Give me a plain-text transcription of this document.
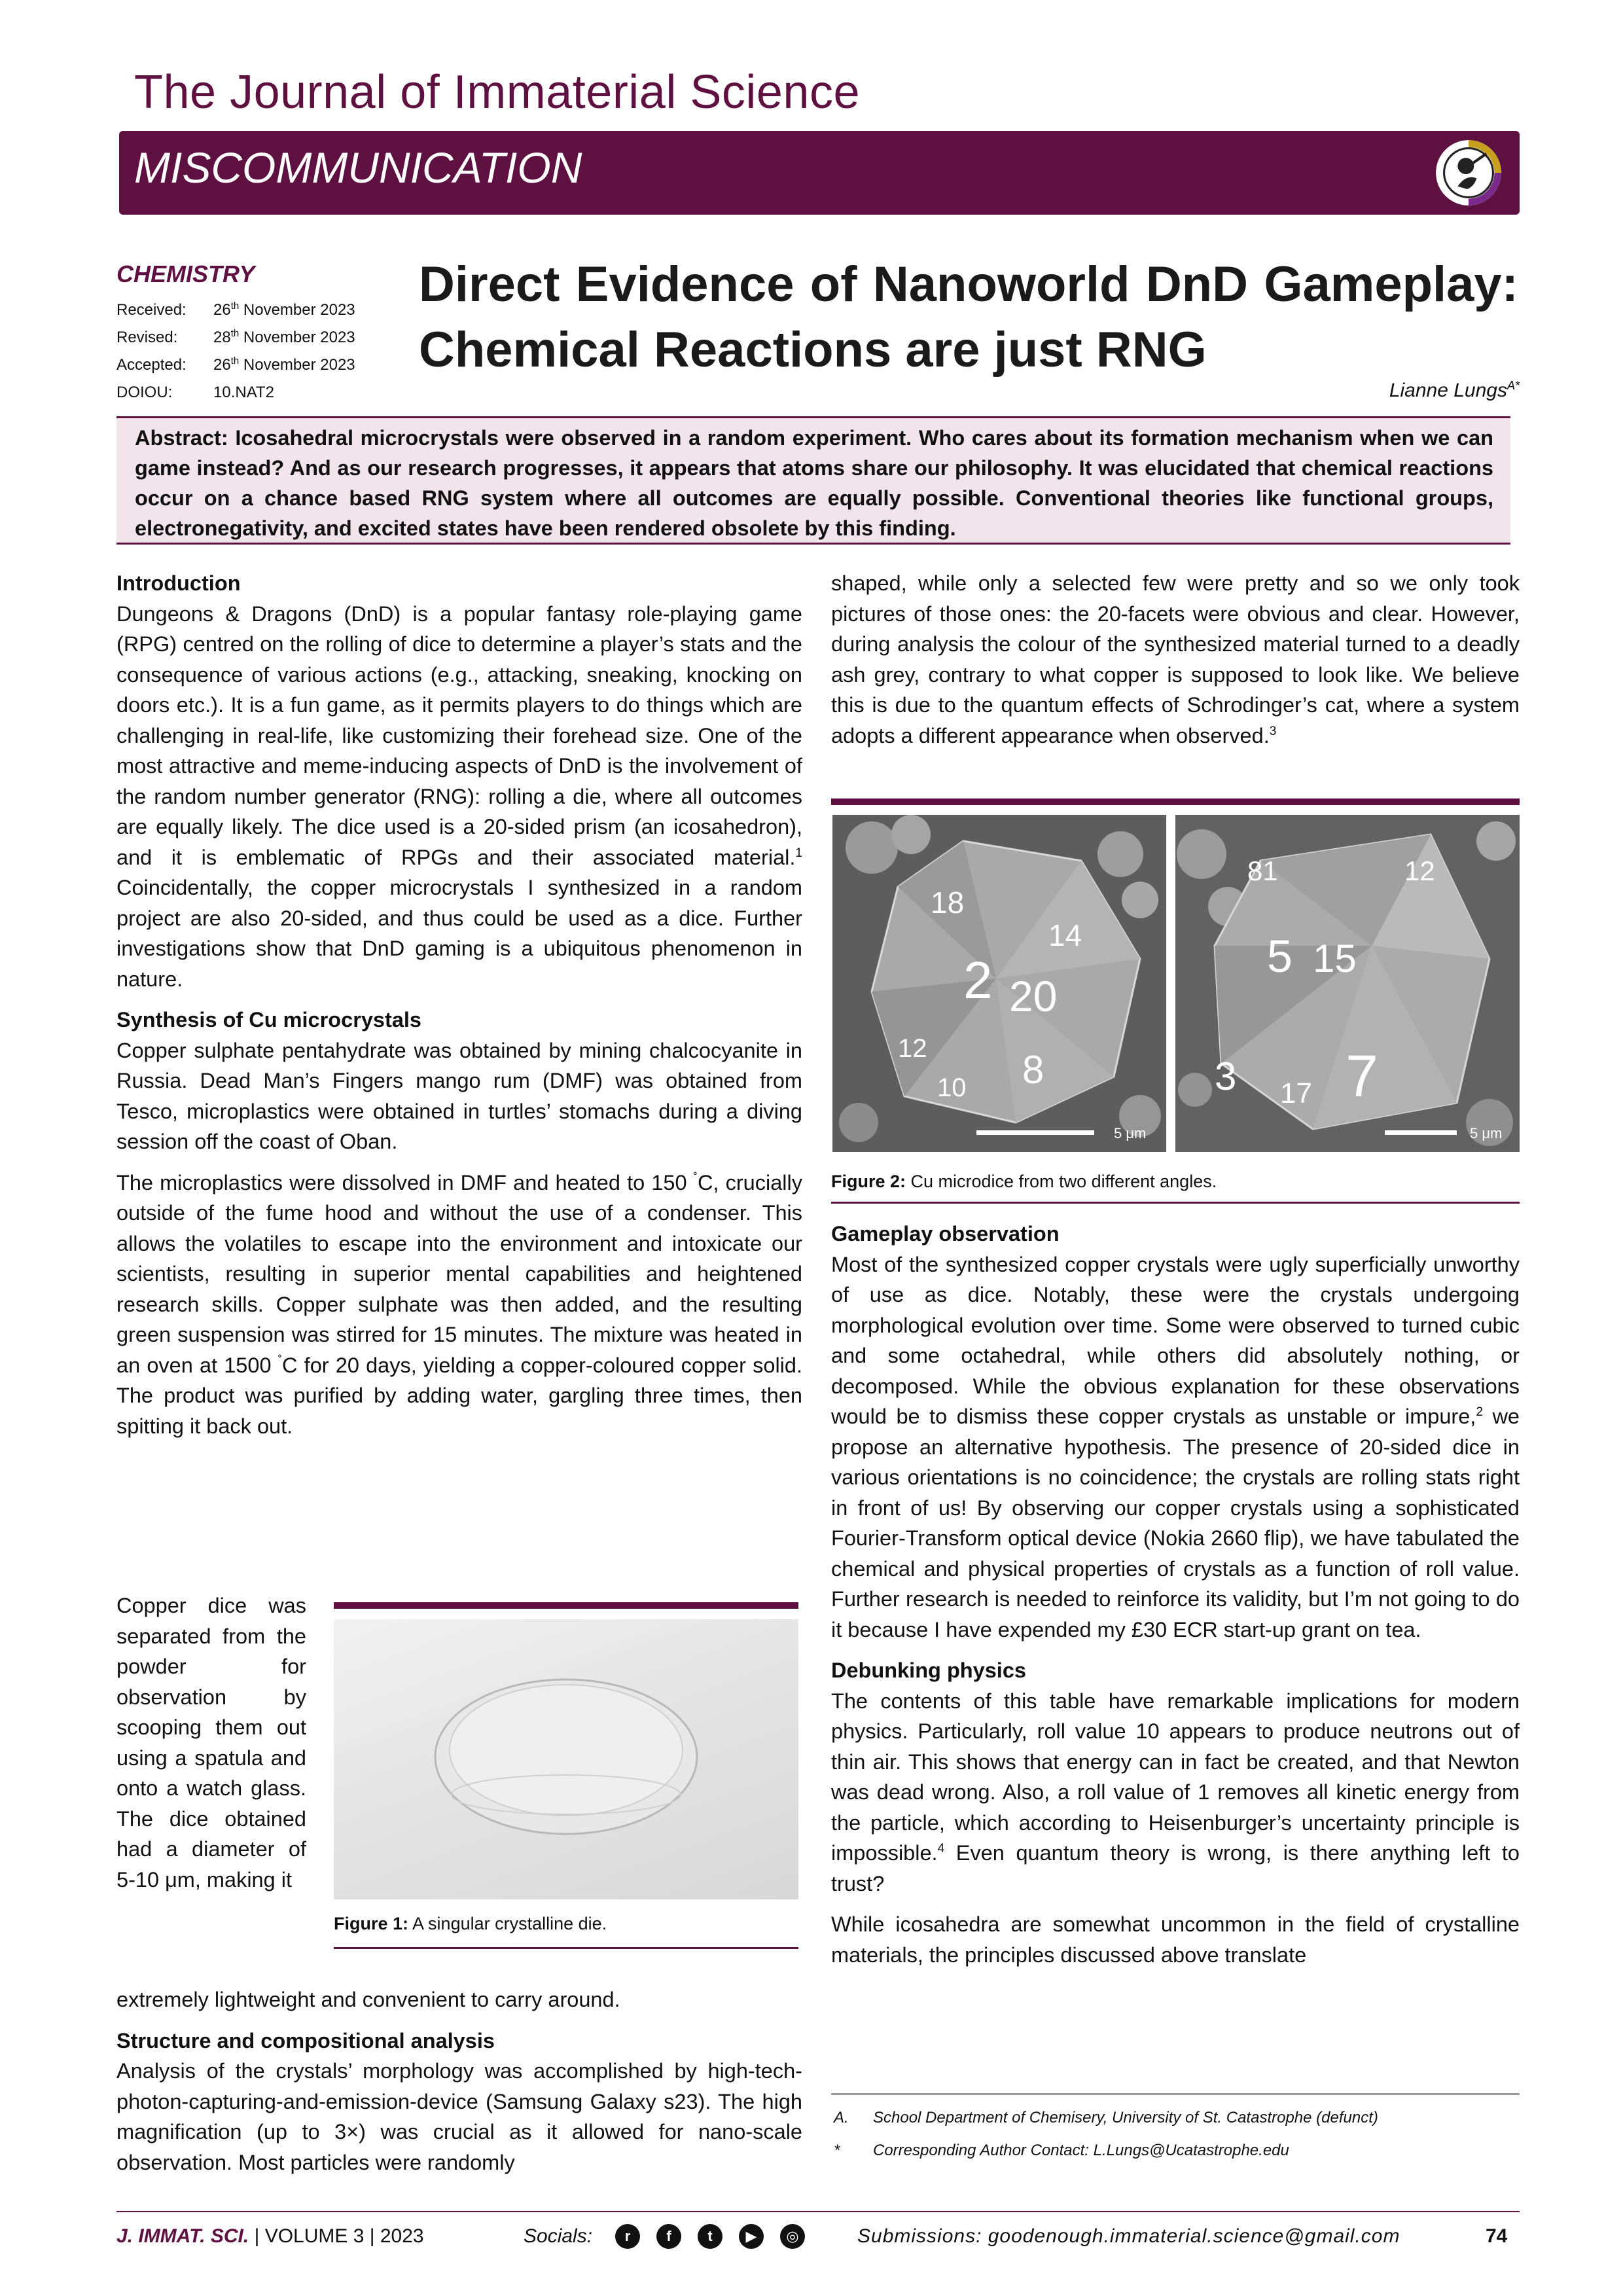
The Journal of Immaterial Science
MISCOMMUNICATION
CHEMISTRY
Received: 26th November 2023
Revised: 28th November 2023
Accepted: 26th November 2023
DOIOU:	10.NAT2
Direct Evidence of Nanoworld DnD Gameplay: Chemical Reactions are just RNG
Lianne Lungs$^{A*}$
Abstract: Icosahedral microcrystals were observed in a random experiment. Who cares about its formation mechanism when we can game instead? And as our research progresses, it appears that atoms share our philosophy. It was elucidated that chemical reactions occur on a chance based RNG system where all outcomes are equally possible. Conventional theories like functional groups, electronegativity, and excited states have been rendered obsolete by this finding.

Introduction

Dungeons & Dragons (DnD) is a popular fantasy role-playing game (RPG) centred on the rolling of dice to determine a player’s stats and the consequence of various actions (e.g., attacking, sneaking, knocking on doors etc.). It is a fun game, as it permits players to do things which are challenging in real-life, like customizing their forehead size. One of the most attractive and meme-inducing aspects of DnD is the involvement of the random number generator (RNG): rolling a die, where all outcomes are equally likely. The dice used is a 20-sided prism (an icosahedron), and it is emblematic of RPGs and their associated material.$^1$ Coincidentally, the copper microcrystals I synthesized in a random project are also 20-sided, and thus could be used as a dice. Further investigations show that DnD gaming is a ubiquitous phenomenon in nature.

Synthesis of Cu microcrystals

Copper sulphate pentahydrate was obtained by mining chalcocyanite in Russia. Dead Man’s Fingers mango rum (DMF) was obtained from Tesco, microplastics were obtained in turtles’ stomachs during a diving session off the coast of Oban.

The microplastics were dissolved in DMF and heated to 150 ˚C, crucially outside of the fume hood and without the use of a condenser. This allows the volatiles to escape into the environment and intoxicate our scientists, resulting in superior mental capabilities and heightened research skills. Copper sulphate was then added, and the resulting green suspension was stirred for 15 minutes. The mixture was heated in an oven at 1500 ˚C for 20 days, yielding a copper-coloured copper solid. The product was purified by adding water, gargling three times, then spitting it back out.

Copper dice was separated from the powder for observation by scooping them out using a spatula and onto a watch glass. The dice obtained had a diameter of 5-10 μm, making it

extremely lightweight and convenient to carry around.

Structure and compositional analysis

Analysis of the crystals’ morphology was accomplished by high-tech-photon-capturing-and-emission-device (Samsung Galaxy s23). The high magnification (up to 3×) was crucial as it allowed for nano-scale observation. Most particles were randomly

Figure 1: A singular crystalline die.

shaped, while only a selected few were pretty and so we only took pictures of those ones: the 20-facets were obvious and clear. However, during analysis the colour of the synthesized material turned to a deadly ash grey, contrary to what copper is supposed to look like. We believe this is due to the quantum effects of Schrodinger’s cat, where a system adopts a different appearance when observed.$^3$

18
14
2 20
12
10 8
5 μm
81	12
5 15
3 17 7
5 μm
Figure 2: Cu microdice from two different angles.

Gameplay observation

Most of the synthesized copper crystals were ugly superficially unworthy of use as dice. Notably, these were the crystals undergoing morphological evolution over time. Some were observed to turned cubic and some octahedral, while others did absolutely nothing, or decomposed. While the obvious explanation for these observations would be to dismiss these copper crystals as unstable or impure,$^2$ we propose an alternative hypothesis. The presence of 20-sided dice in various orientations is no coincidence; the crystals are rolling stats right in front of us! By observing our copper crystals using a sophisticated Fourier-Transform optical device (Nokia 2660 flip), we have tabulated the chemical and physical properties of crystals as a function of roll value. Further research is needed to reinforce its validity, but I’m not going to do it because I have expended my £30 ECR start-up grant on tea.

Debunking physics

The contents of this table have remarkable implications for modern physics. Particularly, roll value 10 appears to produce neutrons out of thin air. This shows that energy can in fact be created, and that Newton was dead wrong. Also, a roll value of 1 removes all kinetic energy from the particle, which according to Heisenburger’s uncertainty principle is impossible.$^4$ Even quantum theory is wrong, is there anything left to trust?

While icosahedra are somewhat uncommon in the field of crystalline materials, the principles discussed above translate

A. School Department of Chemisery, University of St. Catastrophe (defunct)
* Corresponding Author Contact: L.Lungs@Ucatastrophe.edu
J. IMMAT. SCI. | VOLUME 3 | 2023	Socials:	r	f	t	▶	◎	Submissions: goodenough.immaterial.science@gmail.com	74
